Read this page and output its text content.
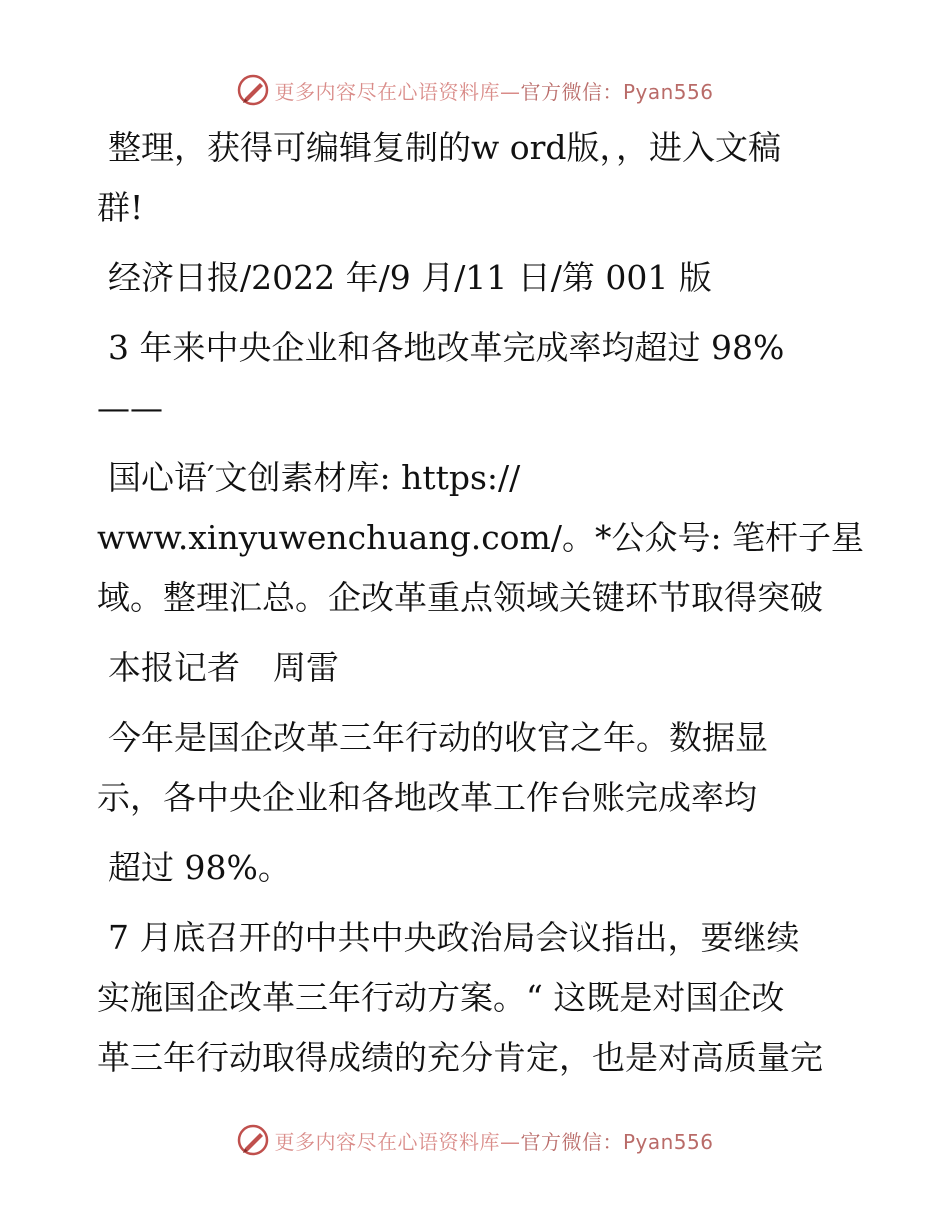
更多内容尽在心语资料库—官方微信：Pyan556

整理，获得可编辑复制的w ord版，，进入文稿

群!

经济日报/2022 年/9 月/11 日/第 001 版

3 年来中央企业和各地改革完成率均超过 98%

——

国心语′文创素材库: https://

www.xinyuwenchuang.com/。*公众号: 笔杆子星

域。整理汇总。企改革重点领域关键环节取得突破

本报记者　周雷

今年是国企改革三年行动的收官之年。数据显

示，各中央企业和各地改革工作台账完成率均

超过 98%。

7 月底召开的中共中央政治局会议指出，要继续

实施国企改革三年行动方案。“ 这既是对国企改

革三年行动取得成绩的充分肯定，也是对高质量完

更多内容尽在心语资料库—官方微信：Pyan556
